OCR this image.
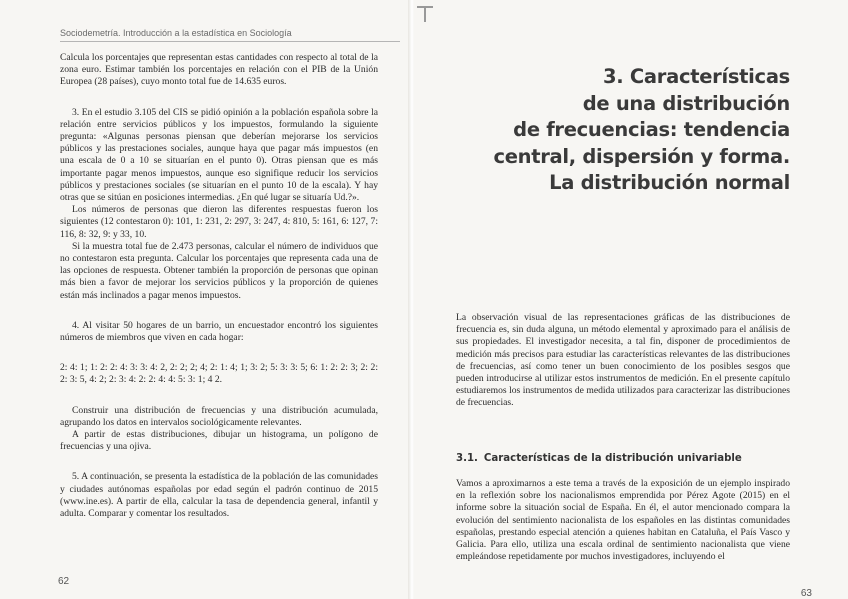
Sociodemetría. Introducción a la estadística en Sociología

Calcula los porcentajes que representan estas cantidades con respecto al total de la zona euro. Estimar también los porcentajes en relación con el PIB de la Unión Europea (28 países), cuyo monto total fue de 14.635 euros.

3. En el estudio 3.105 del CIS se pidió opinión a la población española sobre la relación entre servicios públicos y los impuestos, formulando la siguiente pregunta: «Algunas personas piensan que deberían mejorarse los servicios públicos y las prestaciones sociales, aunque haya que pagar más impuestos (en una escala de 0 a 10 se situarían en el punto 0). Otras piensan que es más importante pagar menos impuestos, aunque eso signifique reducir los servicios públicos y prestaciones sociales (se situarían en el punto 10 de la escala). Y hay otras que se sitúan en posiciones intermedias. ¿En qué lugar se situaría Ud.?».

Los números de personas que dieron las diferentes respuestas fueron los siguientes (12 contestaron 0): 101, 1: 231, 2: 297, 3: 247, 4: 810, 5: 161, 6: 127, 7: 116, 8: 32, 9: y 33, 10.

Si la muestra total fue de 2.473 personas, calcular el número de individuos que no contestaron esta pregunta. Calcular los porcentajes que representa cada una de las opciones de respuesta. Obtener también la proporción de personas que opinan más bien a favor de mejorar los servicios públicos y la proporción de quienes están más inclinados a pagar menos impuestos.

4. Al visitar 50 hogares de un barrio, un encuestador encontró los siguientes números de miembros que viven en cada hogar:

2: 4: 1; 1: 2: 2: 4: 3: 3: 4: 2, 2: 2; 2; 4; 2: 1: 4; 1; 3: 2; 5: 3: 3: 5; 6: 1: 2: 2: 3; 2: 2: 2: 3: 5, 4: 2; 2: 3: 4: 2: 2: 4: 4: 5: 3: 1; 4 2.

Construir una distribución de frecuencias y una distribución acumulada, agrupando los datos en intervalos sociológicamente relevantes.

A partir de estas distribuciones, dibujar un histograma, un polígono de frecuencias y una ojiva.

5. A continuación, se presenta la estadística de la población de las comunidades y ciudades autónomas españolas por edad según el padrón continuo de 2015 (www.ine.es). A partir de ella, calcular la tasa de dependencia general, infantil y adulta. Comparar y comentar los resultados.

62
3. Características
de una distribución
de frecuencias: tendencia
central, dispersión y forma.
La distribución normal

La observación visual de las representaciones gráficas de las distribuciones de frecuencia es, sin duda alguna, un método elemental y aproximado para el análisis de sus propiedades. El investigador necesita, a tal fin, disponer de procedimientos de medición más precisos para estudiar las características relevantes de las distribuciones de frecuencias, así como tener un buen conocimiento de los posibles sesgos que pueden introducirse al utilizar estos instrumentos de medición. En el presente capítulo estudiaremos los instrumentos de medida utilizados para caracterizar las distribuciones de frecuencias.

3.1. Características de la distribución univariable

Vamos a aproximarnos a este tema a través de la exposición de un ejemplo inspirado en la reflexión sobre los nacionalismos emprendida por Pérez Agote (2015) en el informe sobre la situación social de España. En él, el autor mencionado compara la evolución del sentimiento nacionalista de los españoles en las distintas comunidades españolas, prestando especial atención a quienes habitan en Cataluña, el País Vasco y Galicia. Para ello, utiliza una escala ordinal de sentimiento nacionalista que viene empleándose repetidamente por muchos investigadores, incluyendo el

63
